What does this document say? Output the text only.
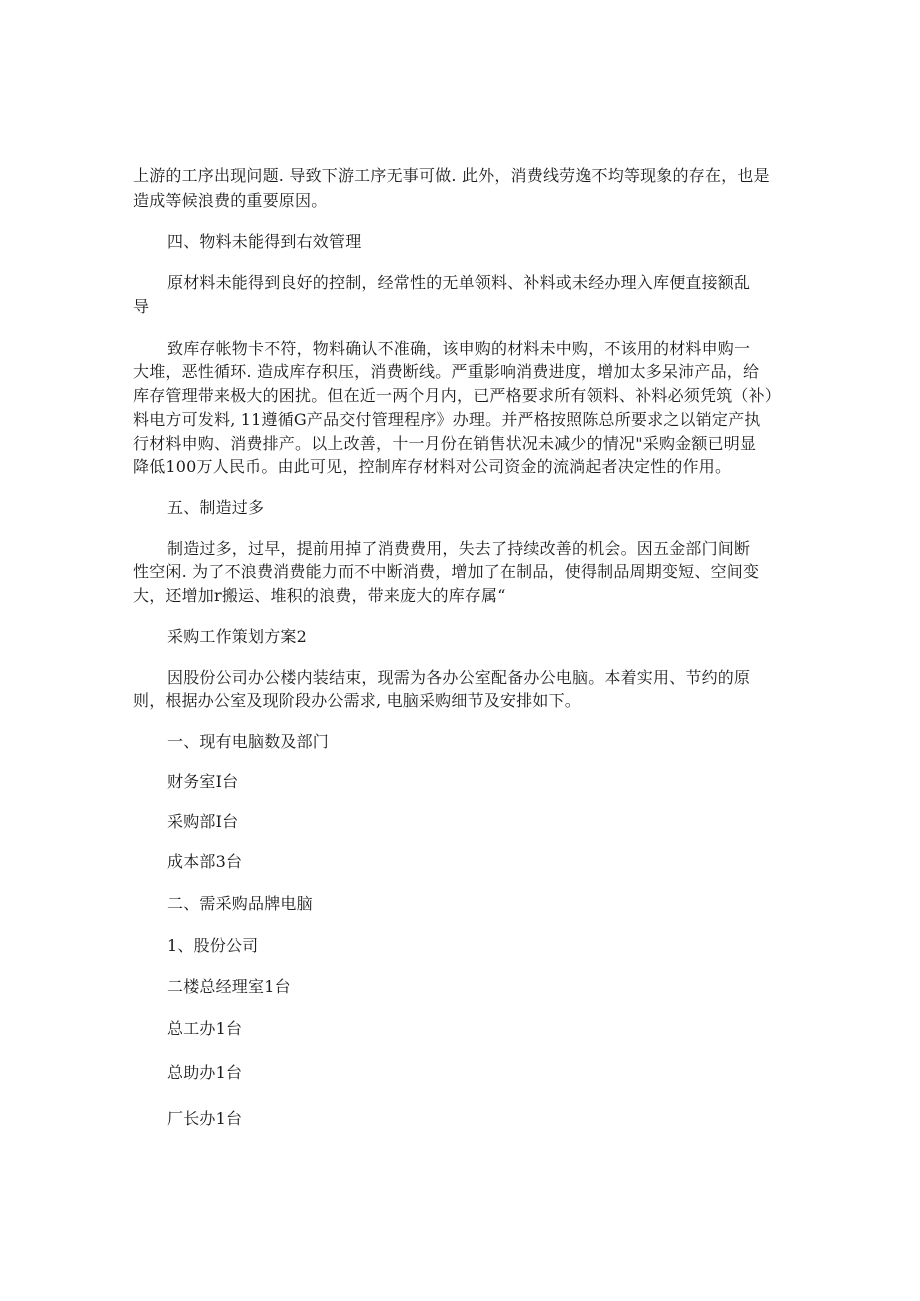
上游的工序出现问题. 导致下游工序无事可做. 此外，消费线劳逸不均等现象的存在，也是
造成等候浪费的重要原因。
四、物料未能得到右效管理
原材料未能得到良好的控制，经常性的无单领料、补料或未经办理入库便直接额乱
导
致库存帐物卡不符，物料确认不准确，该申购的材料未中购，不该用的材料申购一
大堆，恶性循环. 造成库存积压，消费断线。严重影响消费进度，增加太多呆沛产品，给
库存管理带来极大的困扰。但在近一两个月内，已严格要求所有领料、补料必须凭筑（补）
料电方可发料, 11遵循G产品交付管理程序》办理。并严格按照陈总所要求之以销定产执
行材料申购、消费排产。以上改善，十一月份在销售状况未减少的情况"采购金额已明显
降低100万人民币。由此可见，控制库存材料对公司资金的流淌起者决定性的作用。
五、制造过多
制造过多，过早，提前用掉了消费费用，失去了持续改善的机会。因五金部门间断
性空闲. 为了不浪费消费能力而不中断消费，增加了在制品，使得制品周期变短、空间变
大，还增加r搬运、堆积的浪费，带来庞大的库存属“
采购工作策划方案2
因股份公司办公楼内装结束，现需为各办公室配备办公电脑。本着实用、节约的原
则，根据办公室及现阶段办公需求, 电脑采购细节及安排如下。
一、现有电脑数及部门
财务室I台
采购部I台
成本部3台
二、需采购品牌电脑
1、股份公司
二楼总经理室1台
总工办1台
总助办1台
厂长办1台
